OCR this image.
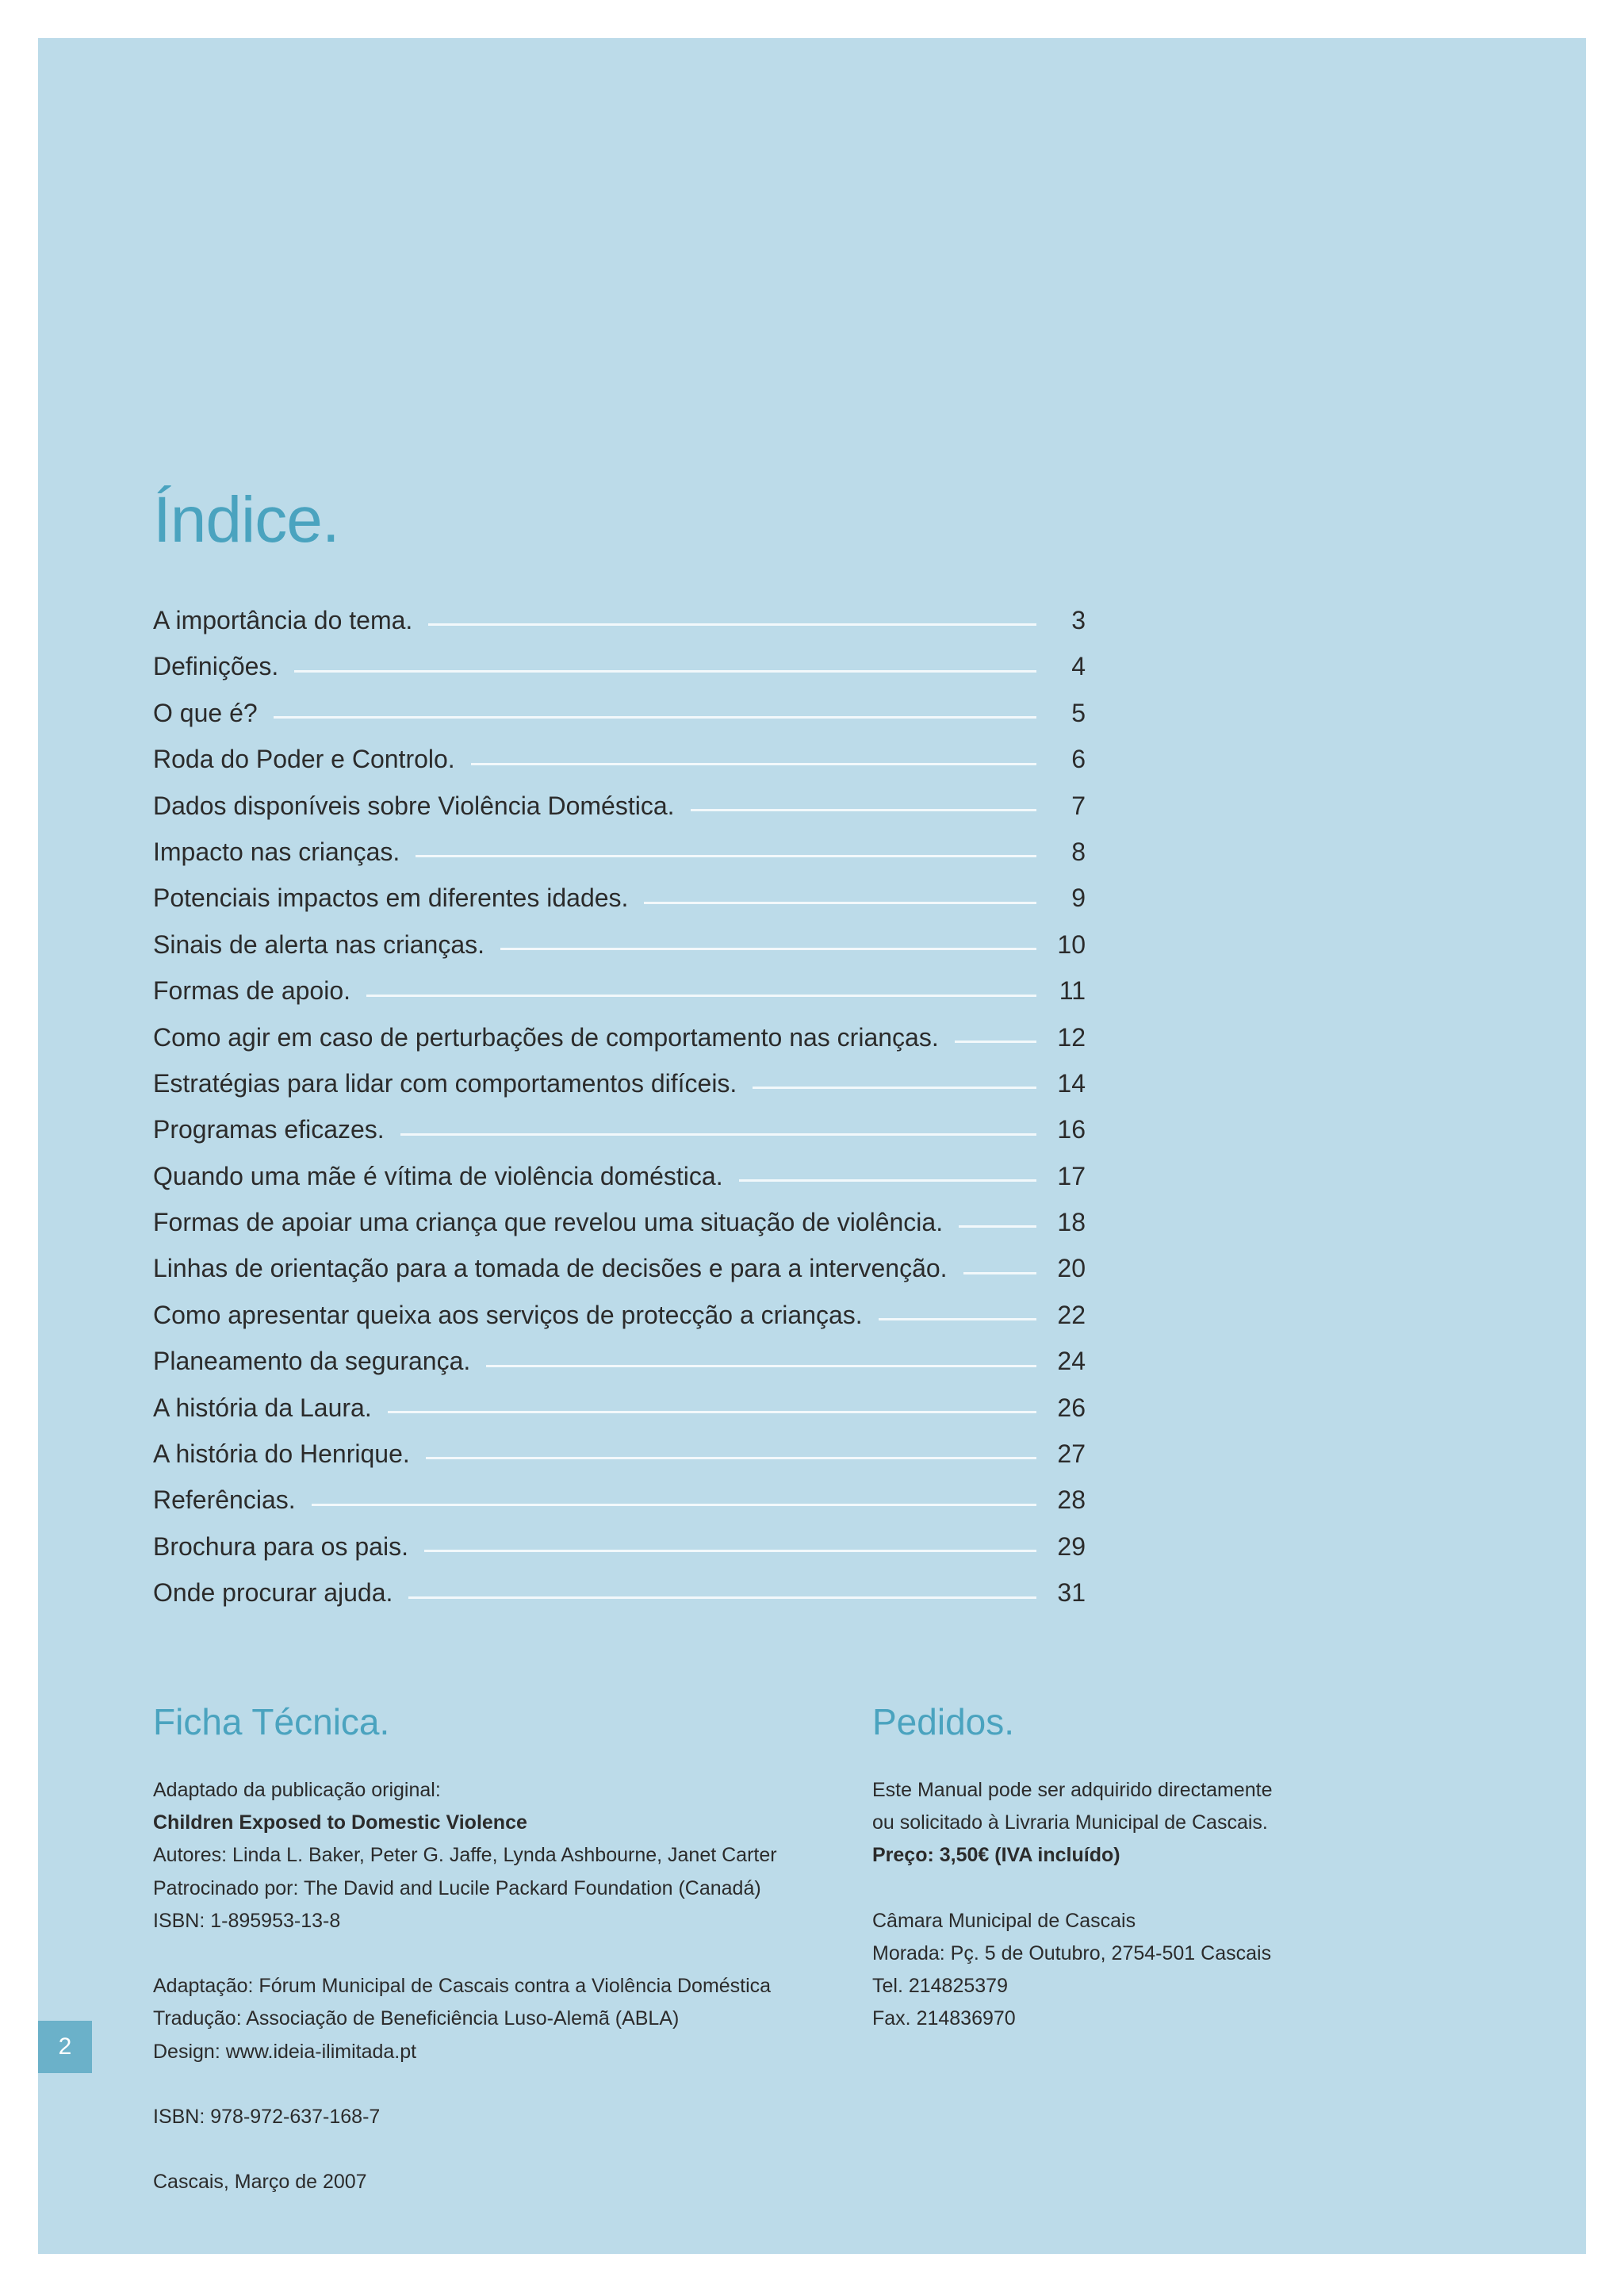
Índice.
A importância do tema.	3
Definições.	4
O que é?	5
Roda do Poder e Controlo.	6
Dados disponíveis sobre Violência Doméstica.	7
Impacto nas crianças.	8
Potenciais impactos em diferentes idades.	9
Sinais de alerta nas crianças.	10
Formas de apoio.	11
Como agir em caso de perturbações de comportamento nas crianças.	12
Estratégias para lidar com comportamentos difíceis.	14
Programas eficazes.	16
Quando uma mãe é vítima de violência doméstica.	17
Formas de apoiar uma criança que revelou uma situação de violência.	18
Linhas de orientação para a tomada de decisões e para a intervenção.	20
Como apresentar queixa aos serviços de protecção a crianças.	22
Planeamento da segurança.	24
A história da Laura.	26
A história do Henrique.	27
Referências.	28
Brochura para os pais.	29
Onde procurar ajuda.	31
Ficha Técnica.
Adaptado da publicação original:
Children Exposed to Domestic Violence
Autores: Linda L. Baker, Peter G. Jaffe, Lynda Ashbourne, Janet Carter
Patrocinado por: The David and Lucile Packard Foundation (Canadá)
ISBN: 1-895953-13-8
Adaptação: Fórum Municipal de Cascais contra a Violência Doméstica
Tradução: Associação de Beneficiência Luso-Alemã (ABLA)
Design: www.ideia-ilimitada.pt
ISBN: 978-972-637-168-7
Cascais, Março de 2007
Pedidos.
Este Manual pode ser adquirido directamente
ou solicitado à Livraria Municipal de Cascais.
Preço: 3,50€ (IVA incluído)
Câmara Municipal de Cascais
Morada: Pç. 5 de Outubro, 2754-501 Cascais
Tel. 214825379
Fax. 214836970
2
